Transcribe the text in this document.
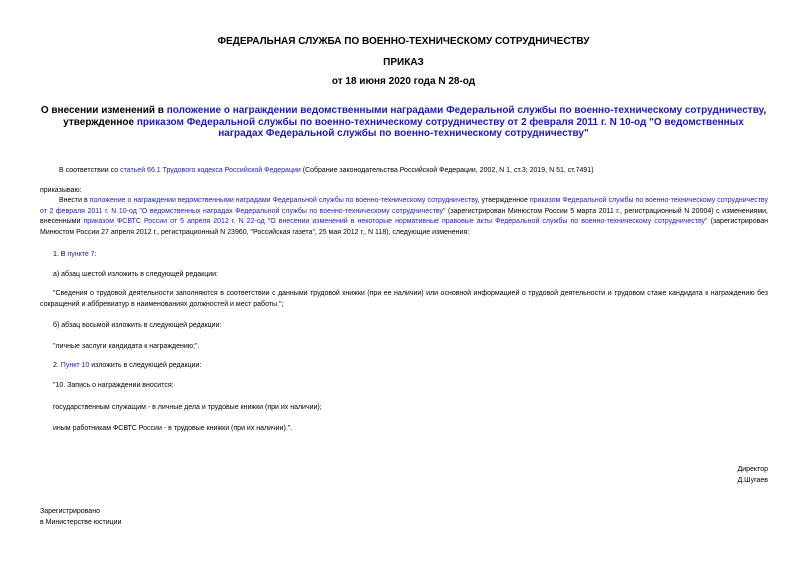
ФЕДЕРАЛЬНАЯ СЛУЖБА ПО ВОЕННО-ТЕХНИЧЕСКОМУ СОТРУДНИЧЕСТВУ
ПРИКАЗ
от 18 июня 2020 года N 28-од
О внесении изменений в положение о награждении ведомственными наградами Федеральной службы по военно-техническому сотрудничеству, утвержденное приказом Федеральной службы по военно-техническому сотрудничеству от 2 февраля 2011 г. N 10-од "О ведомственных наградах Федеральной службы по военно-техническому сотрудничеству"
В соответствии со статьей 66.1 Трудового кодекса Российской Федерации (Собрание законодательства Российской Федерации, 2002, N 1, ст.3; 2019, N 51, ст.7491)
приказываю:
Внести в положение о награждении ведомственными наградами Федеральной службы по военно-техническому сотрудничеству, утвержденное приказом Федеральной службы по военно-техническому сотрудничеству от 2 февраля 2011 г. N 10-од "О ведомственных наградах Федеральной службы по военно-техническому сотрудничеству" (зарегистрирован Минюстом России 5 марта 2011 г., регистрационный N 20004) с изменениями, внесенными приказом ФСВТС России от 5 апреля 2012 г. N 22-од "О внесении изменений в некоторые нормативные правовые акты Федеральной службы по военно-техническому сотрудничеству" (зарегистрирован Минюстом России 27 апреля 2012 г., регистрационный N 23960, "Российская газета", 25 мая 2012 г., N 118), следующие изменения:
1. В пункте 7:
а) абзац шестой изложить в следующей редакции:
"Сведения о трудовой деятельности заполняются в соответствии с данными трудовой книжки (при ее наличии) или основной информацией о трудовой деятельности и трудовом стаже кандидата к награждению без сокращений и аббревиатур в наименованиях должностей и мест работы.";
б) абзац восьмой изложить в следующей редакции:
"личные заслуги кандидата к награждению;".
2. Пункт 10 изложить в следующей редакции:
"10. Запись о награждении вносится:
государственным служащим - в личные дела и трудовые книжки (при их наличии);
иным работникам ФСВТС России - в трудовые книжки (при их наличии).".
Директор
Д.Шугаев
Зарегистрировано
в Министерстве юстиции
